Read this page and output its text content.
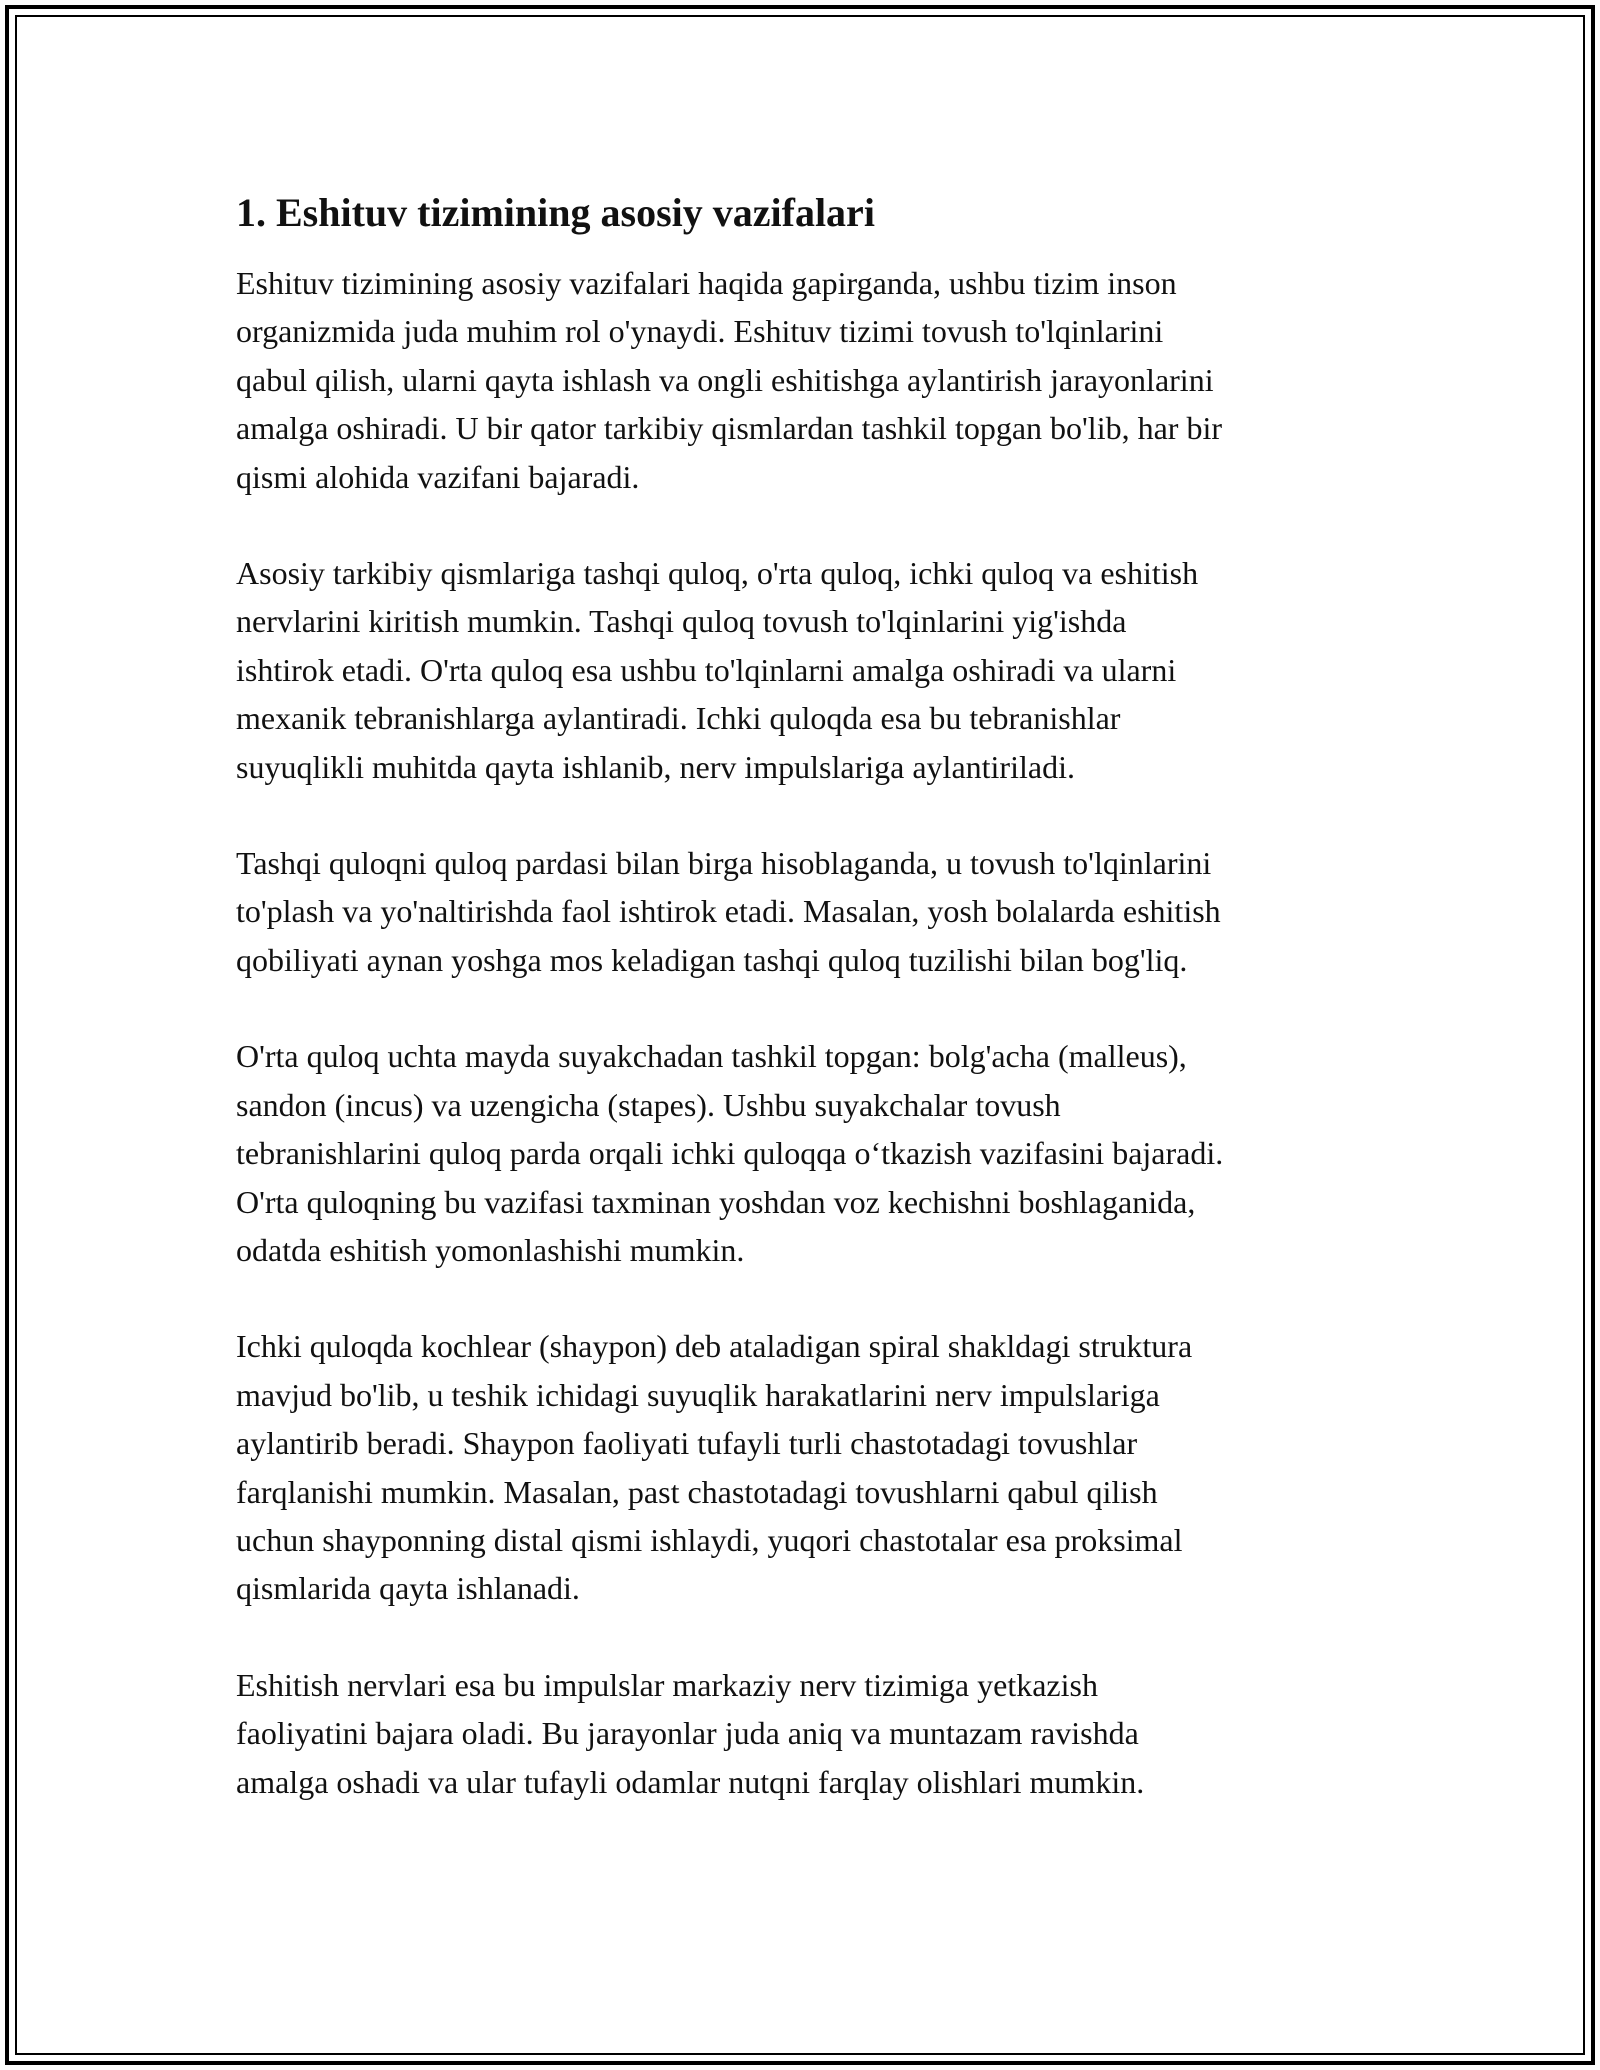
1. Eshituv tizimining asosiy vazifalari
Eshituv tizimining asosiy vazifalari haqida gapirganda, ushbu tizim inson
organizmida juda muhim rol o'ynaydi. Eshituv tizimi tovush to'lqinlarini
qabul qilish, ularni qayta ishlash va ongli eshitishga aylantirish jarayonlarini
amalga oshiradi. U bir qator tarkibiy qismlardan tashkil topgan bo'lib, har bir
qismi alohida vazifani bajaradi.
Asosiy tarkibiy qismlariga tashqi quloq, o'rta quloq, ichki quloq va eshitish
nervlarini kiritish mumkin. Tashqi quloq tovush to'lqinlarini yig'ishda
ishtirok etadi. O'rta quloq esa ushbu to'lqinlarni amalga oshiradi va ularni
mexanik tebranishlarga aylantiradi. Ichki quloqda esa bu tebranishlar
suyuqlikli muhitda qayta ishlanib, nerv impulslariga aylantiriladi.
Tashqi quloqni quloq pardasi bilan birga hisoblaganda, u tovush to'lqinlarini
to'plash va yo'naltirishda faol ishtirok etadi. Masalan, yosh bolalarda eshitish
qobiliyati aynan yoshga mos keladigan tashqi quloq tuzilishi bilan bog'liq.
O'rta quloq uchta mayda suyakchadan tashkil topgan: bolg'acha (malleus),
sandon (incus) va uzengicha (stapes). Ushbu suyakchalar tovush
tebranishlarini quloq parda orqali ichki quloqqa o‘tkazish vazifasini bajaradi.
O'rta quloqning bu vazifasi taxminan yoshdan voz kechishni boshlaganida,
odatda eshitish yomonlashishi mumkin.
Ichki quloqda kochlear (shaypon) deb ataladigan spiral shakldagi struktura
mavjud bo'lib, u teshik ichidagi suyuqlik harakatlarini nerv impulslariga
aylantirib beradi. Shaypon faoliyati tufayli turli chastotadagi tovushlar
farqlanishi mumkin. Masalan, past chastotadagi tovushlarni qabul qilish
uchun shayponning distal qismi ishlaydi, yuqori chastotalar esa proksimal
qismlarida qayta ishlanadi.
Eshitish nervlari esa bu impulslar markaziy nerv tizimiga yetkazish
faoliyatini bajara oladi. Bu jarayonlar juda aniq va muntazam ravishda
amalga oshadi va ular tufayli odamlar nutqni farqlay olishlari mumkin.
